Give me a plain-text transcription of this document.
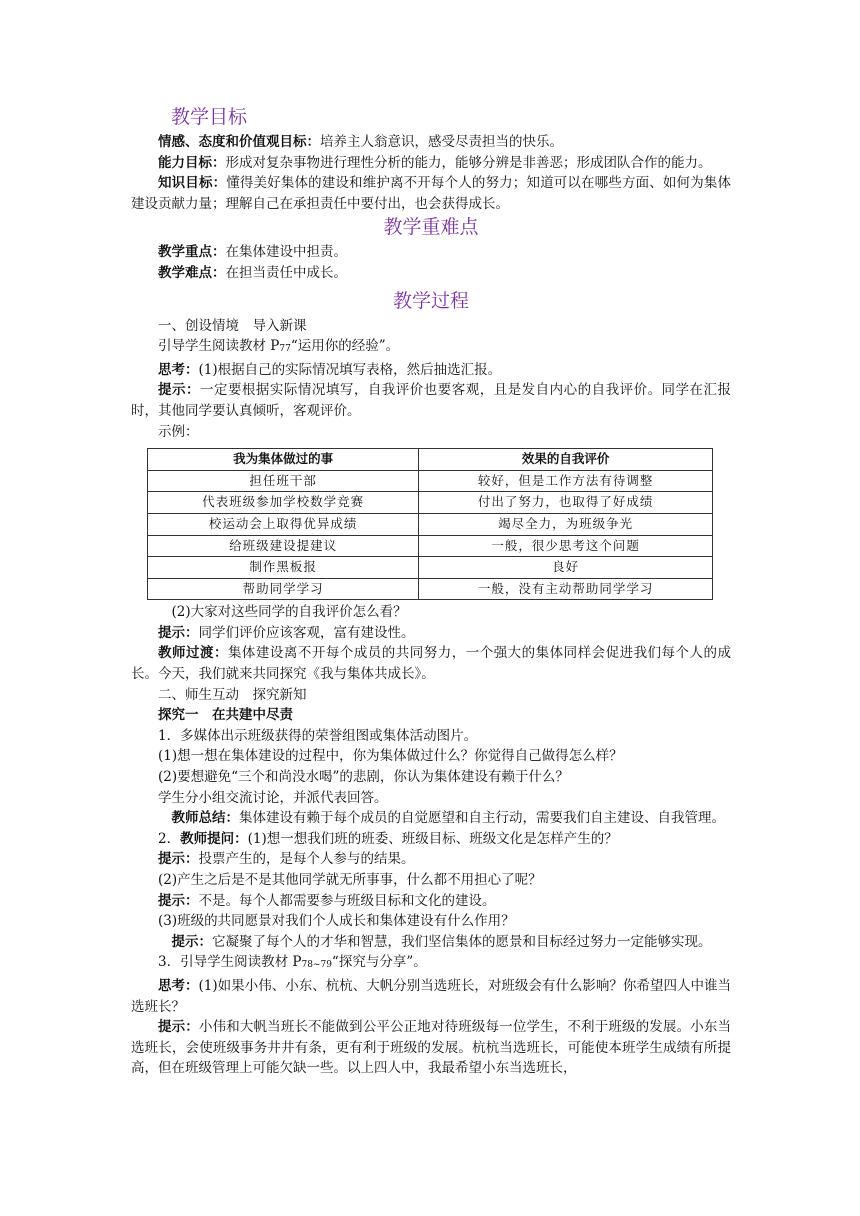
教学目标

情感、态度和价值观目标：培养主人翁意识，感受尽责担当的快乐。

能力目标：形成对复杂事物进行理性分析的能力，能够分辨是非善恶；形成团队合作的能力。

知识目标：懂得美好集体的建设和维护离不开每个人的努力；知道可以在哪些方面、如何为集体建设贡献力量；理解自己在承担责任中要付出，也会获得成长。

教学重难点

教学重点：在集体建设中担责。

教学难点：在担当责任中成长。

教学过程

一、创设情境　导入新课

引导学生阅读教材 P77“运用你的经验”。

思考：(1)根据自己的实际情况填写表格，然后抽选汇报。

提示：一定要根据实际情况填写，自我评价也要客观，且是发自内心的自我评价。同学在汇报时，其他同学要认真倾听，客观评价。

示例：

我为集体做过的事	效果的自我评价
担任班干部	较好，但是工作方法有待调整
代表班级参加学校数学竞赛	付出了努力，也取得了好成绩
校运动会上取得优异成绩	竭尽全力，为班级争光
给班级建设提建议	一般，很少思考这个问题
制作黑板报	良好
帮助同学学习	一般，没有主动帮助同学学习

(2)大家对这些同学的自我评价怎么看？

提示：同学们评价应该客观，富有建设性。

教师过渡：集体建设离不开每个成员的共同努力，一个强大的集体同样会促进我们每个人的成长。今天，我们就来共同探究《我与集体共成长》。

二、师生互动　探究新知

探究一　在共建中尽责

1．多媒体出示班级获得的荣誉组图或集体活动图片。

(1)想一想在集体建设的过程中，你为集体做过什么？你觉得自己做得怎么样？

(2)要想避免“三个和尚没水喝”的悲剧，你认为集体建设有赖于什么？

学生分小组交流讨论，并派代表回答。

教师总结：集体建设有赖于每个成员的自觉愿望和自主行动，需要我们自主建设、自我管理。

2．教师提问：(1)想一想我们班的班委、班级目标、班级文化是怎样产生的？

提示：投票产生的，是每个人参与的结果。

(2)产生之后是不是其他同学就无所事事，什么都不用担心了呢？

提示：不是。每个人都需要参与班级目标和文化的建设。

(3)班级的共同愿景对我们个人成长和集体建设有什么作用？

提示：它凝聚了每个人的才华和智慧，我们坚信集体的愿景和目标经过努力一定能够实现。

3．引导学生阅读教材 P78~79“探究与分享”。

思考：(1)如果小伟、小东、杭杭、大帆分别当选班长，对班级会有什么影响？你希望四人中谁当选班长？

提示：小伟和大帆当班长不能做到公平公正地对待班级每一位学生，不利于班级的发展。小东当选班长，会使班级事务井井有条，更有利于班级的发展。杭杭当选班长，可能使本班学生成绩有所提高，但在班级管理上可能欠缺一些。以上四人中，我最希望小东当选班长，
